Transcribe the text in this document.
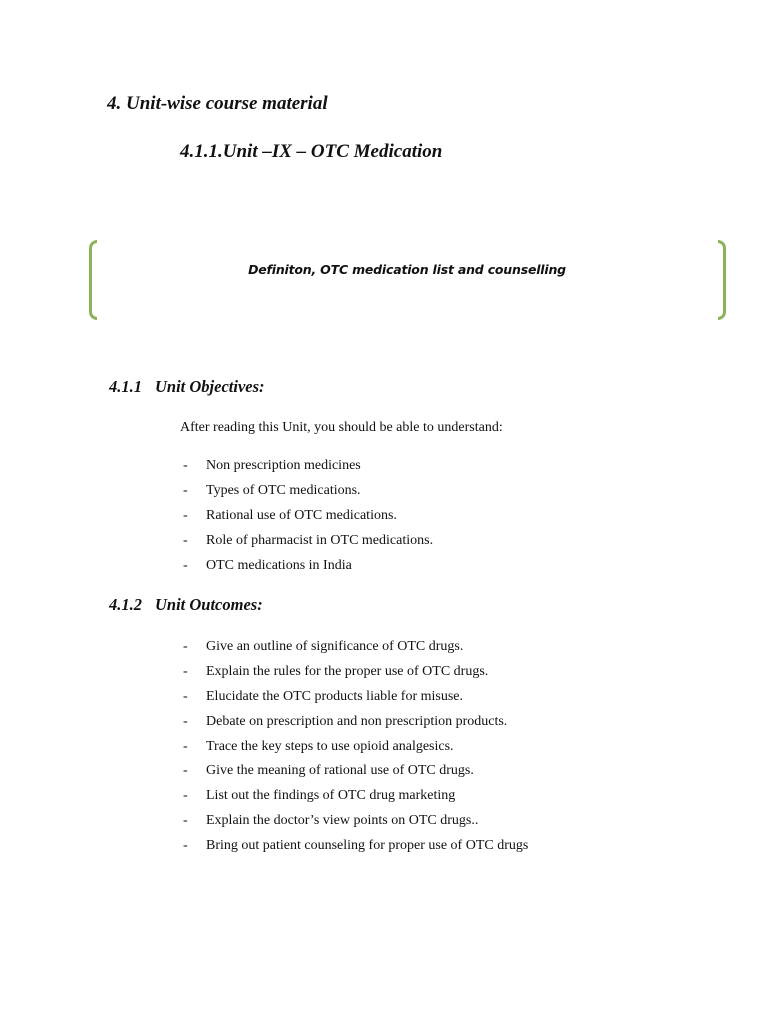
4. Unit-wise course material
4.1.1.Unit –IX – OTC Medication
Definiton, OTC medication list and counselling
4.1.1 Unit Objectives:
After reading this Unit, you should be able to understand:
- Non prescription medicines
- Types of OTC medications.
- Rational use of OTC medications.
- Role of pharmacist in OTC medications.
- OTC medications in India
4.1.2 Unit Outcomes:
- Give an outline of significance of OTC drugs.
- Explain the rules for the proper use of OTC drugs.
- Elucidate the OTC products liable for misuse.
- Debate on prescription and non prescription products.
- Trace the key steps to use opioid analgesics.
- Give the meaning of rational use of OTC drugs.
- List out the findings of OTC drug marketing
- Explain the doctor’s view points on OTC drugs..
- Bring out patient counseling for proper use of OTC drugs
